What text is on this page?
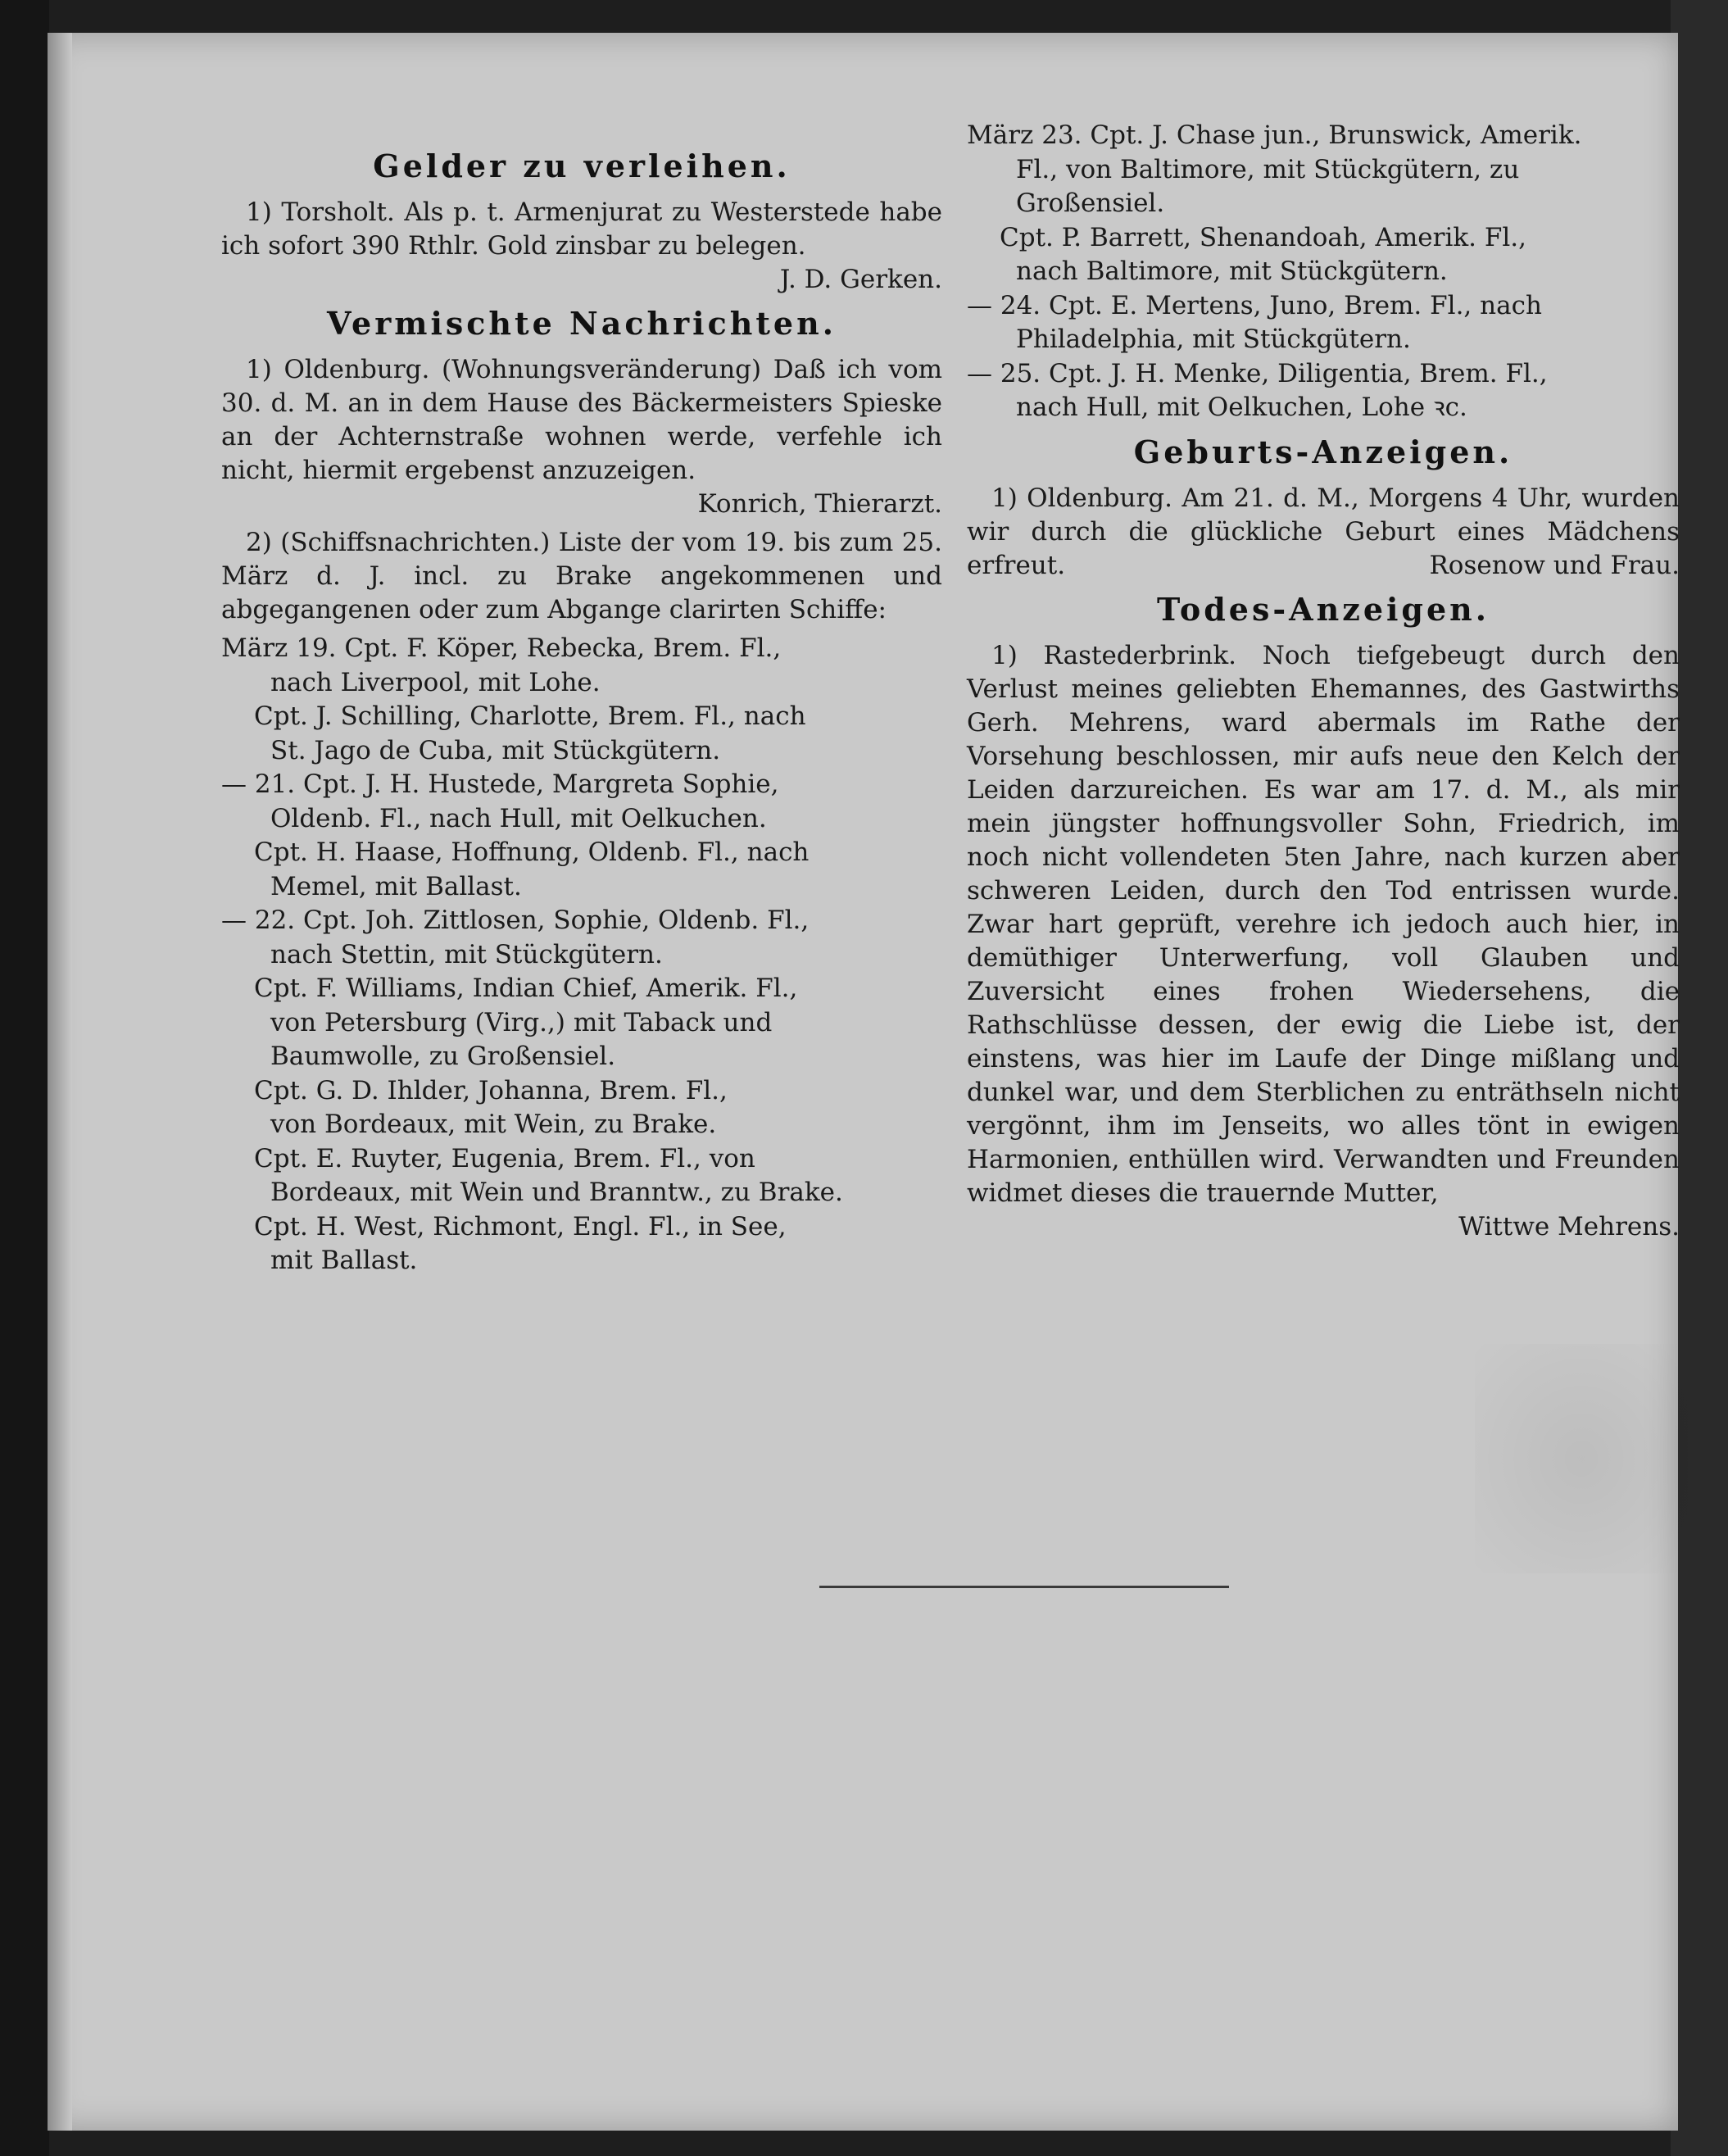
Gelder zu verleihen.
1) Torsholt. Als p. t. Armenjurat zu Westerstede habe ich sofort 390 Rthlr. Gold zinsbar zu belegen.
J. D. Gerken.
Vermischte Nachrichten.
1) Oldenburg. (Wohnungsveränderung) Daß ich vom 30. d. M. an in dem Hause des Bäckermeisters Spieske an der Achternstraße wohnen werde, verfehle ich nicht, hiermit ergebenst anzuzeigen.
Konrich, Thierarzt.
2) (Schiffsnachrichten.) Liste der vom 19. bis zum 25. März d. J. incl. zu Brake angekommenen und abgegangenen oder zum Abgange clarirten Schiffe:
März 19. Cpt. F. Köper, Rebecka, Brem. Fl.,
nach Liverpool, mit Lohe.
Cpt. J. Schilling, Charlotte, Brem. Fl., nach
St. Jago de Cuba, mit Stückgütern.
— 21. Cpt. J. H. Hustede, Margreta Sophie,
Oldenb. Fl., nach Hull, mit Oelkuchen.
Cpt. H. Haase, Hoffnung, Oldenb. Fl., nach
Memel, mit Ballast.
— 22. Cpt. Joh. Zittlosen, Sophie, Oldenb. Fl.,
nach Stettin, mit Stückgütern.
Cpt. F. Williams, Indian Chief, Amerik. Fl.,
von Petersburg (Virg.,) mit Taback und
Baumwolle, zu Großensiel.
Cpt. G. D. Ihlder, Johanna, Brem. Fl.,
von Bordeaux, mit Wein, zu Brake.
Cpt. E. Ruyter, Eugenia, Brem. Fl., von
Bordeaux, mit Wein und Branntw., zu Brake.
Cpt. H. West, Richmont, Engl. Fl., in See,
mit Ballast.
März 23. Cpt. J. Chase jun., Brunswick, Amerik.
Fl., von Baltimore, mit Stückgütern, zu
Großensiel.
Cpt. P. Barrett, Shenandoah, Amerik. Fl.,
nach Baltimore, mit Stückgütern.
— 24. Cpt. E. Mertens, Juno, Brem. Fl., nach
Philadelphia, mit Stückgütern.
— 25. Cpt. J. H. Menke, Diligentia, Brem. Fl.,
nach Hull, mit Oelkuchen, Lohe ꝛc.
Geburts-Anzeigen.
1) Oldenburg. Am 21. d. M., Morgens 4 Uhr, wurden wir durch die glückliche Geburt eines Mädchens erfreut.	Rosenow und Frau.
Todes-Anzeigen.
1) Rastederbrink. Noch tiefgebeugt durch den Verlust meines geliebten Ehemannes, des Gastwirths Gerh. Mehrens, ward abermals im Rathe der Vorsehung beschlossen, mir aufs neue den Kelch der Leiden darzureichen. Es war am 17. d. M., als mir mein jüngster hoffnungsvoller Sohn, Friedrich, im noch nicht vollendeten 5ten Jahre, nach kurzen aber schweren Leiden, durch den Tod entrissen wurde. Zwar hart geprüft, verehre ich jedoch auch hier, in demüthiger Unterwerfung, voll Glauben und Zuversicht eines frohen Wiedersehens, die Rathschlüsse dessen, der ewig die Liebe ist, der einstens, was hier im Laufe der Dinge mißlang und dunkel war, und dem Sterblichen zu enträthseln nicht vergönnt, ihm im Jenseits, wo alles tönt in ewigen Harmonien, enthüllen wird. Verwandten und Freunden widmet dieses die trauernde Mutter,
Wittwe Mehrens.
